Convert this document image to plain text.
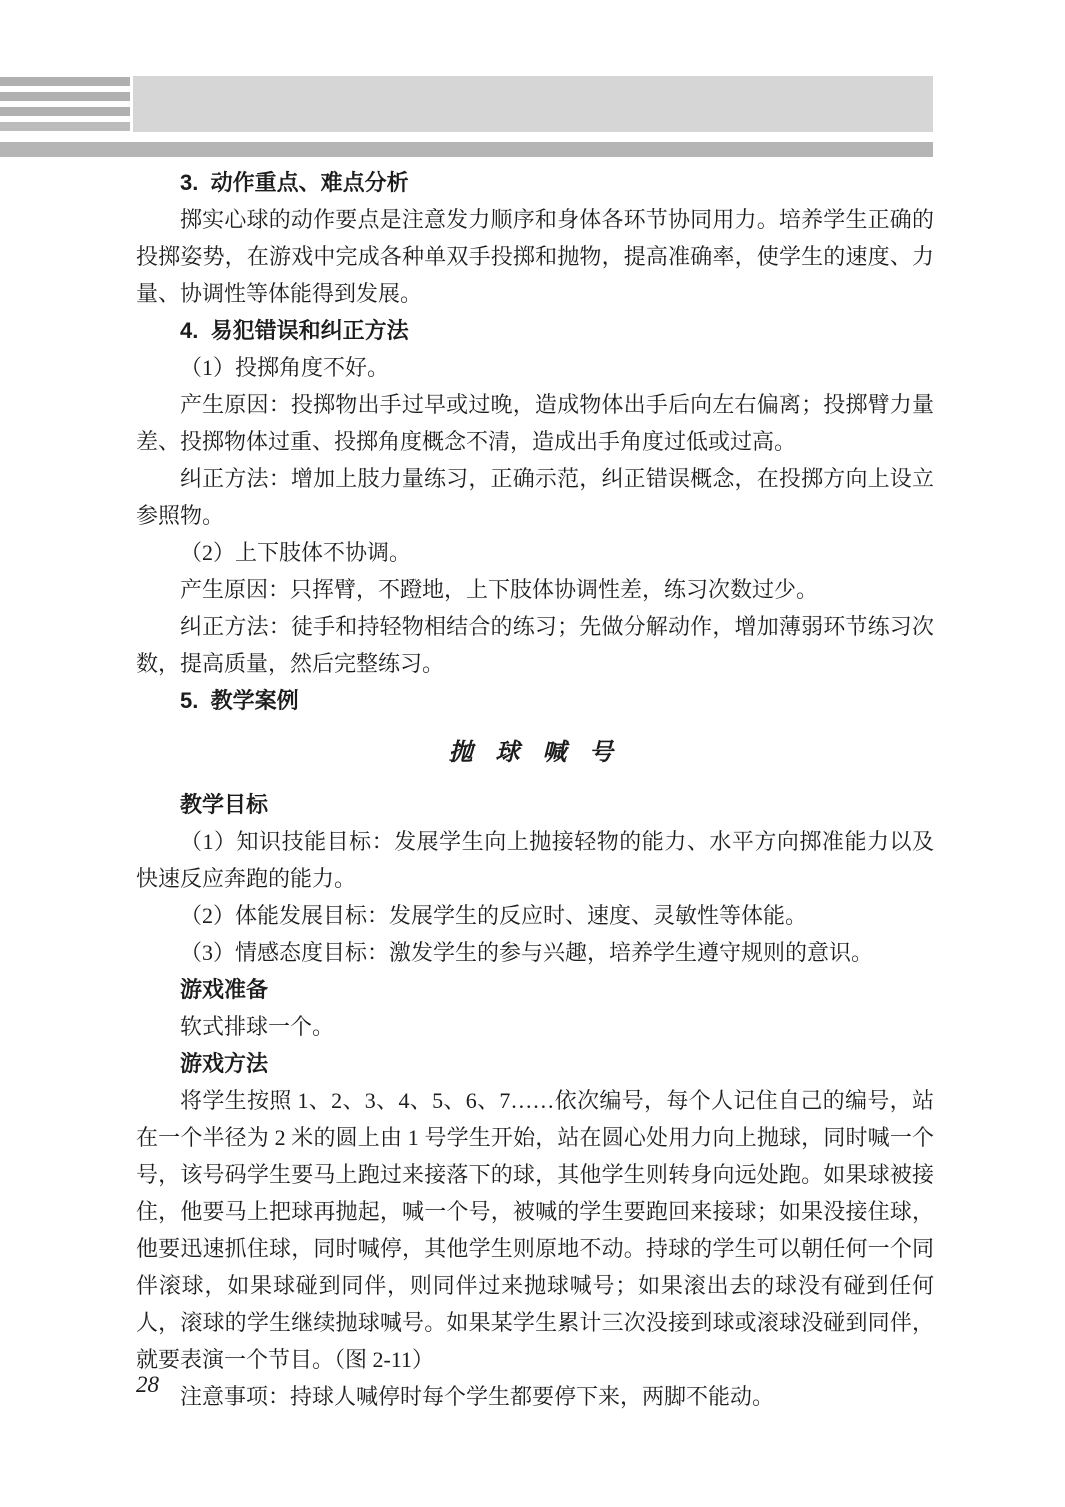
3.  动作重点、难点分析

掷实心球的动作要点是注意发力顺序和身体各环节协同用力。培养学生正确的投掷姿势，在游戏中完成各种单双手投掷和抛物，提高准确率，使学生的速度、力量、协调性等体能得到发展。

4.  易犯错误和纠正方法

（1）投掷角度不好。

产生原因：投掷物出手过早或过晚，造成物体出手后向左右偏离；投掷臂力量差、投掷物体过重、投掷角度概念不清，造成出手角度过低或过高。

纠正方法：增加上肢力量练习，正确示范，纠正错误概念，在投掷方向上设立参照物。

（2）上下肢体不协调。

产生原因：只挥臂，不蹬地，上下肢体协调性差，练习次数过少。

纠正方法：徒手和持轻物相结合的练习；先做分解动作，增加薄弱环节练习次数，提高质量，然后完整练习。

5.  教学案例

抛 球 喊 号

教学目标

（1）知识技能目标：发展学生向上抛接轻物的能力、水平方向掷准能力以及快速反应奔跑的能力。

（2）体能发展目标：发展学生的反应时、速度、灵敏性等体能。

（3）情感态度目标：激发学生的参与兴趣，培养学生遵守规则的意识。

游戏准备

软式排球一个。

游戏方法

将学生按照 1、2、3、4、5、6、7……依次编号，每个人记住自己的编号，站在一个半径为 2 米的圆上由 1 号学生开始，站在圆心处用力向上抛球，同时喊一个号，该号码学生要马上跑过来接落下的球，其他学生则转身向远处跑。如果球被接住，他要马上把球再抛起，喊一个号，被喊的学生要跑回来接球；如果没接住球，他要迅速抓住球，同时喊停，其他学生则原地不动。持球的学生可以朝任何一个同伴滚球，如果球碰到同伴，则同伴过来抛球喊号；如果滚出去的球没有碰到任何人，滚球的学生继续抛球喊号。如果某学生累计三次没接到球或滚球没碰到同伴，就要表演一个节目。（图 2-11）

注意事项：持球人喊停时每个学生都要停下来，两脚不能动。

28
